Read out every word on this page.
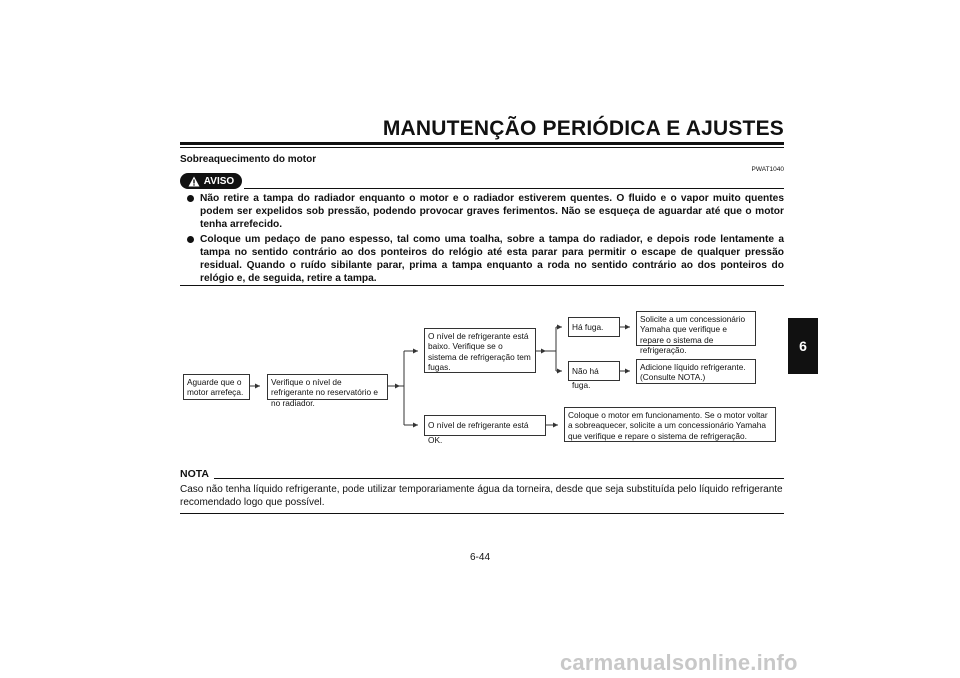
MANUTENÇÃO PERIÓDICA E AJUSTES
6
Sobreaquecimento do motor
PWAT1040
AVISO
Não retire a tampa do radiador enquanto o motor e o radiador estiverem quentes. O fluido e o vapor muito quentes podem ser expelidos sob pressão, podendo provocar graves ferimentos. Não se esqueça de aguardar até que o motor tenha arrefecido.
Coloque um pedaço de pano espesso, tal como uma toalha, sobre a tampa do radiador, e depois rode lentamente a tampa no sentido contrário ao dos ponteiros do relógio até esta parar para permitir o escape de qualquer pressão residual. Quando o ruído sibilante parar, prima a tampa enquanto a roda no sentido contrário ao dos ponteiros do relógio e, de seguida, retire a tampa.
Aguarde que o motor arrefeça.
Verifique o nível de refrigerante no reservatório e no radiador.
O nível de refrigerante está baixo. Verifique se o sistema de refrigeração tem fugas.
Há fuga.
Não há fuga.
Solicite a um concessionário Yamaha que verifique e repare o sistema de refrigeração.
Adicione líquido refrigerante. (Consulte NOTA.)
O nível de refrigerante está OK.
Coloque o motor em funcionamento. Se o motor voltar a sobreaquecer, solicite a um concessionário Yamaha que verifique e repare o sistema de refrigeração.
NOTA
Caso não tenha líquido refrigerante, pode utilizar temporariamente água da torneira, desde que seja substituída pelo líquido refrigerante recomendado logo que possível.
6-44
carmanualsonline.info
